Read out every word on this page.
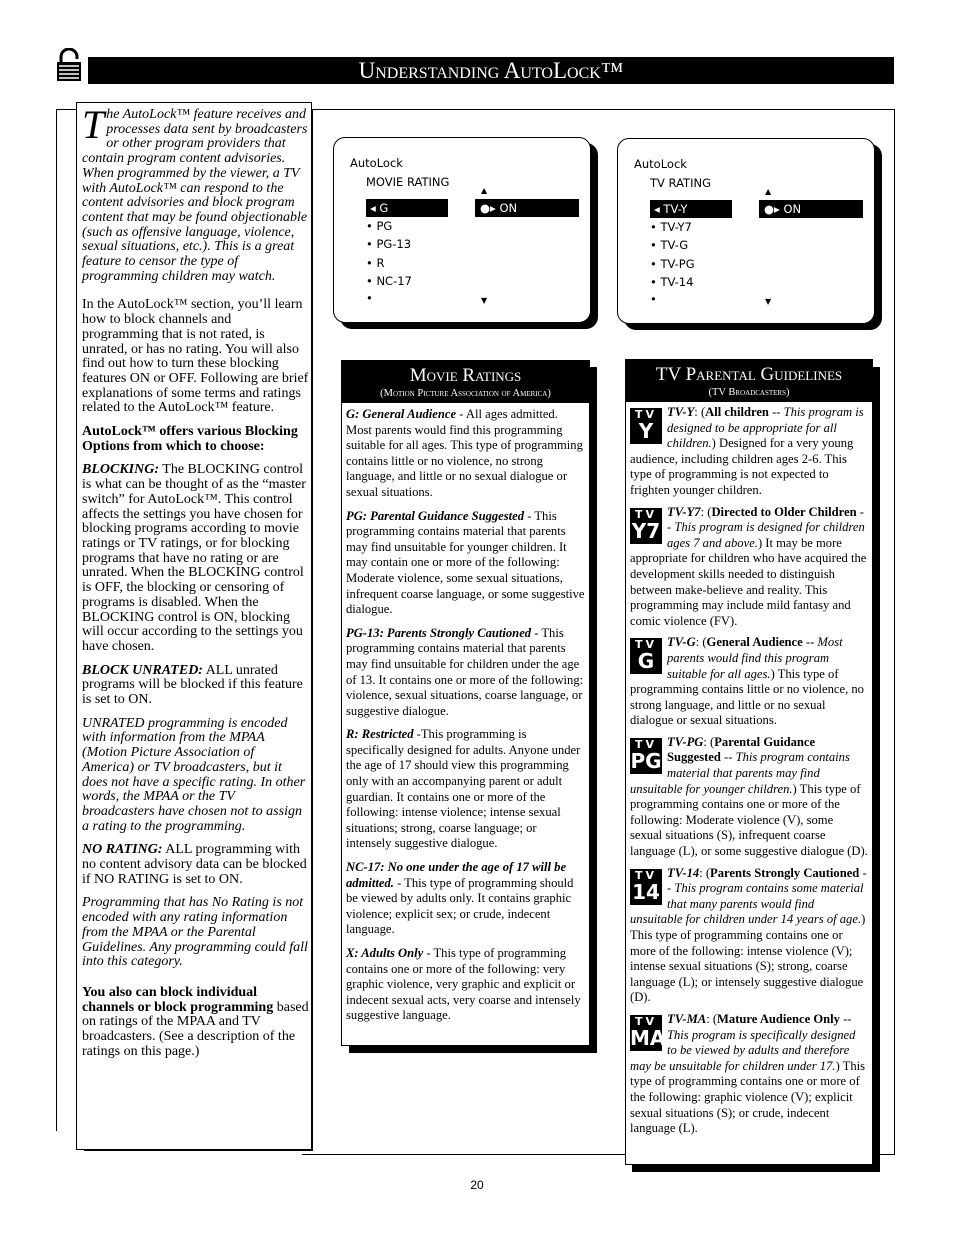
Understanding AutoLock™

The AutoLock™ feature receives and processes data sent by broadcasters or other program providers that contain program content advisories. When programmed by the viewer, a TV with AutoLock™ can respond to the content advisories and block program content that may be found objectionable (such as offensive language, violence, sexual situations, etc.). This is a great feature to censor the type of programming children may watch.

In the AutoLock™ section, you’ll learn how to block channels and programming that is not rated, is unrated, or has no rating. You will also find out how to turn these blocking features ON or OFF. Following are brief explanations of some terms and ratings related to the AutoLock™ feature.

AutoLock™ offers various Blocking Options from which to choose:

BLOCKING: The BLOCKING control is what can be thought of as the “master switch” for AutoLock™. This control affects the settings you have chosen for blocking programs according to movie ratings or TV ratings, or for blocking programs that have no rating or are unrated. When the BLOCKING control is OFF, the blocking or censoring of programs is disabled. When the BLOCKING control is ON, blocking will occur according to the settings you have chosen.

BLOCK UNRATED: ALL unrated programs will be blocked if this feature is set to ON.

UNRATED programming is encoded with information from the MPAA (Motion Picture Association of America) or TV broadcasters, but it does not have a specific rating. In other words, the MPAA or the TV broadcasters have chosen not to assign a rating to the programming.

NO RATING: ALL programming with no content advisory data can be blocked if NO RATING is set to ON.

Programming that has No Rating is not encoded with any rating information from the MPAA or the Parental Guidelines. Any programming could fall into this category.

You also can block individual channels or block programming based on ratings of the MPAA and TV broadcasters. (See a description of the ratings on this page.)

AutoLock
MOVIE RATING
▲
◂ G	●▸ ON
• PG
• PG-13
• R
• NC-17
•	▼
AutoLock
TV RATING
▲
◂ TV-Y	●▸ ON
• TV-Y7
• TV-G
• TV-PG
• TV-14
•	▼
Movie Ratings
(Motion Picture Association of America)

G: General Audience - All ages admitted. Most parents would find this programming suitable for all ages. This type of programming contains little or no violence, no strong language, and little or no sexual dialogue or sexual situations.

PG: Parental Guidance Suggested - This programming contains material that parents may find unsuitable for younger children. It may contain one or more of the following: Moderate violence, some sexual situations, infrequent coarse language, or some suggestive dialogue.

PG-13: Parents Strongly Cautioned - This programming contains material that parents may find unsuitable for children under the age of 13. It contains one or more of the following: violence, sexual situations, coarse language, or suggestive dialogue.

R: Restricted -This programming is specifically designed for adults. Anyone under the age of 17 should view this programming only with an accompanying parent or adult guardian. It contains one or more of the following: intense violence; intense sexual situations; strong, coarse language; or intensely suggestive dialogue.

NC-17: No one under the age of 17 will be admitted. - This type of programming should be viewed by adults only. It contains graphic violence; explicit sex; or crude, indecent language.

X: Adults Only - This type of programming contains one or more of the following: very graphic violence, very graphic and explicit or indecent sexual acts, very coarse and intensely suggestive language.

TV Parental Guidelines
(TV Broadcasters)
TV
Y
TV-Y: (All children -- This program is designed to be appropriate for all children.) Designed for a very young audience, including children ages 2-6. This type of programming is not expected to frighten younger children.
TV
Y7
TV-Y7: (Directed to Older Children -- This program is designed for children ages 7 and above.) It may be more appropriate for children who have acquired the development skills needed to distinguish between make-believe and reality. This programming may include mild fantasy and comic violence (FV).
TV
G
TV-G: (General Audience -- Most parents would find this program suitable for all ages.) This type of programming contains little or no violence, no strong language, and little or no sexual dialogue or sexual situations.
TV
PG
TV-PG: (Parental Guidance Suggested -- This program contains material that parents may find unsuitable for younger children.) This type of programming contains one or more of the following: Moderate violence (V), some sexual situations (S), infrequent coarse language (L), or some suggestive dialogue (D).
TV
14
TV-14: (Parents Strongly Cautioned -- This program contains some material that many parents would find unsuitable for children under 14 years of age.) This type of programming contains one or more of the following: intense violence (V); intense sexual situations (S); strong, coarse language (L); or intensely suggestive dialogue (D).
TV
MA
TV-MA: (Mature Audience Only -- This program is specifically designed to be viewed by adults and therefore may be unsuitable for children under 17.) This type of programming contains one or more of the following: graphic violence (V); explicit sexual situations (S); or crude, indecent language (L).
20
